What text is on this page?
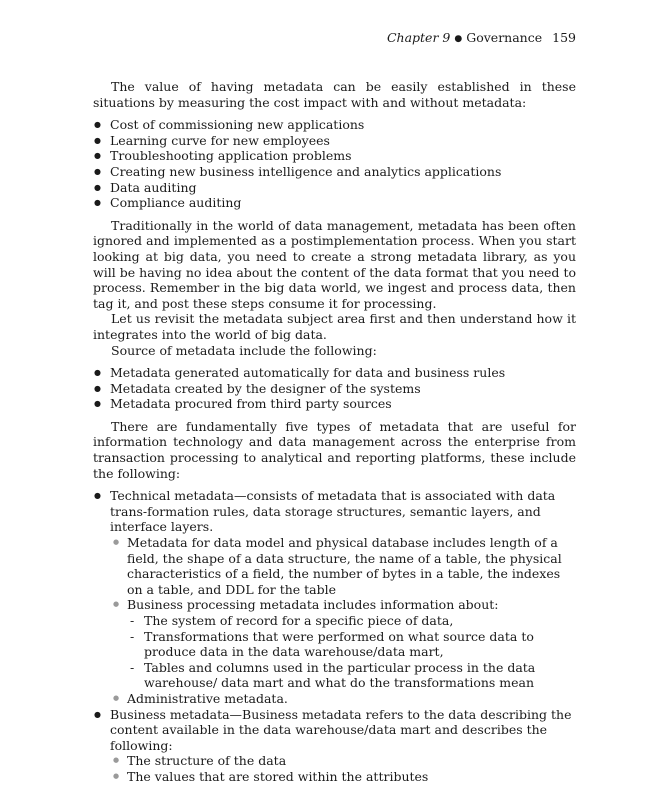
Chapter 9 ● Governance 159

The value of having metadata can be easily established in these situations by measuring the cost impact with and without metadata:

● Cost of commissioning new applications
● Learning curve for new employees
● Troubleshooting application problems
● Creating new business intelligence and analytics applications
● Data auditing
● Compliance auditing

Traditionally in the world of data management, metadata has been often ignored and implemented as a postimplementation process. When you start looking at big data, you need to create a strong metadata library, as you will be having no idea about the content of the data format that you need to process. Remember in the big data world, we ingest and process data, then tag it, and post these steps consume it for processing.

Let us revisit the metadata subject area first and then understand how it integrates into the world of big data.

Source of metadata include the following:

● Metadata generated automatically for data and business rules
● Metadata created by the designer of the systems
● Metadata procured from third party sources

There are fundamentally five types of metadata that are useful for information technology and data management across the enterprise from transaction processing to analytical and reporting platforms, these include the following:

● Technical metadata—consists of metadata that is associated with data trans-formation rules, data storage structures, semantic layers, and interface layers.
● Metadata for data model and physical database includes length of a field, the shape of a data structure, the name of a table, the physical characteristics of a field, the number of bytes in a table, the indexes on a table, and DDL for the table
● Business processing metadata includes information about:
- The system of record for a specific piece of data,
- Transformations that were performed on what source data to produce data in the data warehouse/data mart,
- Tables and columns used in the particular process in the data warehouse/ data mart and what do the transformations mean
● Administrative metadata.
● Business metadata—Business metadata refers to the data describing the content available in the data warehouse/data mart and describes the following:
● The structure of the data
● The values that are stored within the attributes
